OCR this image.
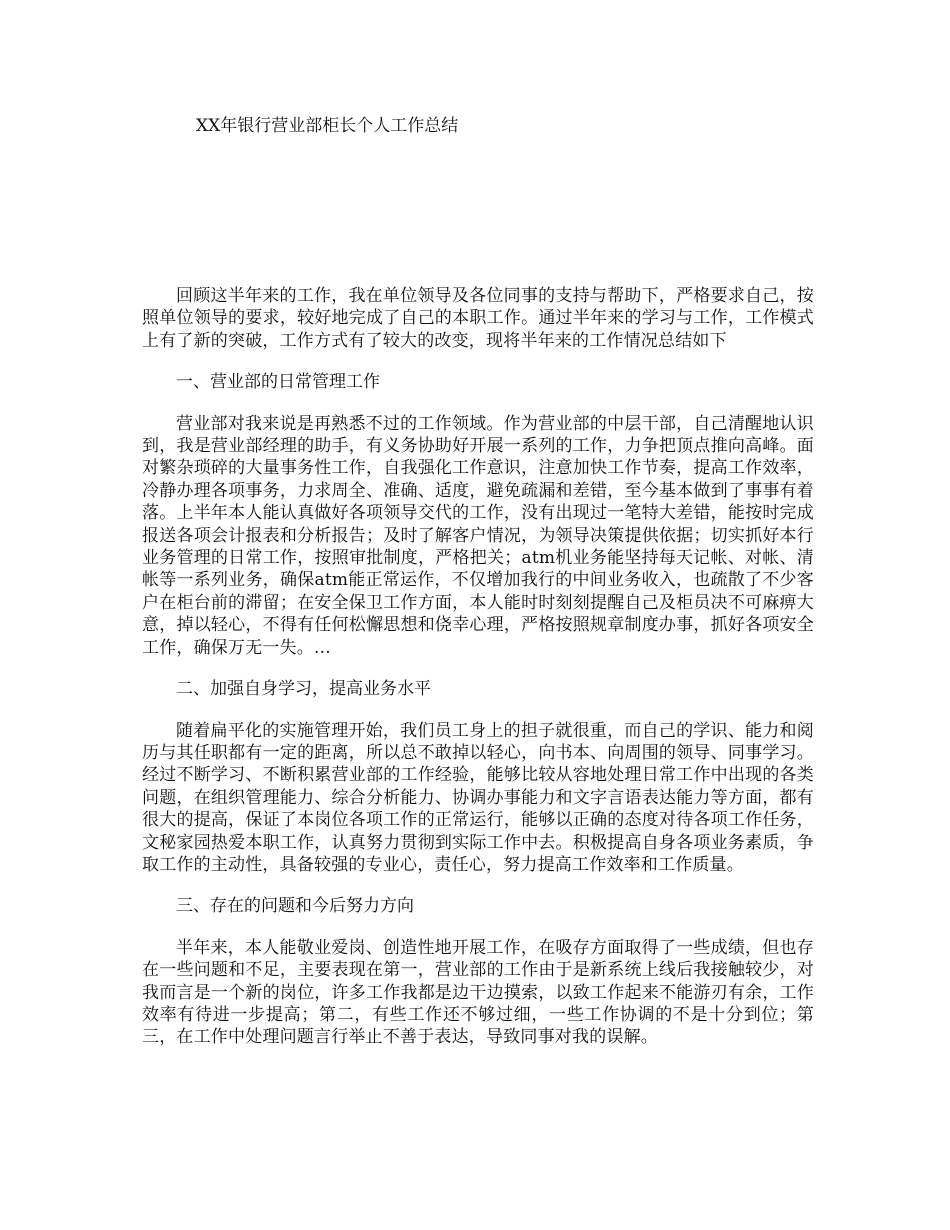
XX年银行营业部柜长个人工作总结

回顾这半年来的工作，我在单位领导及各位同事的支持与帮助下，严格要求自己，按照单位领导的要求，较好地完成了自己的本职工作。通过半年来的学习与工作，工作模式上有了新的突破，工作方式有了较大的改变，现将半年来的工作情况总结如下

一、营业部的日常管理工作

营业部对我来说是再熟悉不过的工作领域。作为营业部的中层干部，自己清醒地认识到，我是营业部经理的助手，有义务协助好开展一系列的工作，力争把顶点推向高峰。面对繁杂琐碎的大量事务性工作，自我强化工作意识，注意加快工作节奏，提高工作效率，冷静办理各项事务，力求周全、准确、适度，避免疏漏和差错，至今基本做到了事事有着落。上半年本人能认真做好各项领导交代的工作，没有出现过一笔特大差错，能按时完成报送各项会计报表和分析报告；及时了解客户情况，为领导决策提供依据；切实抓好本行业务管理的日常工作，按照审批制度，严格把关；atm机业务能坚持每天记帐、对帐、清帐等一系列业务，确保atm能正常运作，不仅增加我行的中间业务收入，也疏散了不少客户在柜台前的滞留；在安全保卫工作方面，本人能时时刻刻提醒自己及柜员决不可麻痹大意，掉以轻心，不得有任何松懈思想和侥幸心理，严格按照规章制度办事，抓好各项安全工作，确保万无一失。...

二、加强自身学习，提高业务水平

随着扁平化的实施管理开始，我们员工身上的担子就很重，而自己的学识、能力和阅历与其任职都有一定的距离，所以总不敢掉以轻心，向书本、向周围的领导、同事学习。经过不断学习、不断积累营业部的工作经验，能够比较从容地处理日常工作中出现的各类问题，在组织管理能力、综合分析能力、协调办事能力和文字言语表达能力等方面，都有很大的提高，保证了本岗位各项工作的正常运行，能够以正确的态度对待各项工作任务，文秘家园热爱本职工作，认真努力贯彻到实际工作中去。积极提高自身各项业务素质，争取工作的主动性，具备较强的专业心，责任心，努力提高工作效率和工作质量。

三、存在的问题和今后努力方向

半年来，本人能敬业爱岗、创造性地开展工作，在吸存方面取得了一些成绩，但也存在一些问题和不足，主要表现在第一，营业部的工作由于是新系统上线后我接触较少，对我而言是一个新的岗位，许多工作我都是边干边摸索，以致工作起来不能游刃有余，工作效率有待进一步提高；第二，有些工作还不够过细，一些工作协调的不是十分到位；第三，在工作中处理问题言行举止不善于表达，导致同事对我的误解。
